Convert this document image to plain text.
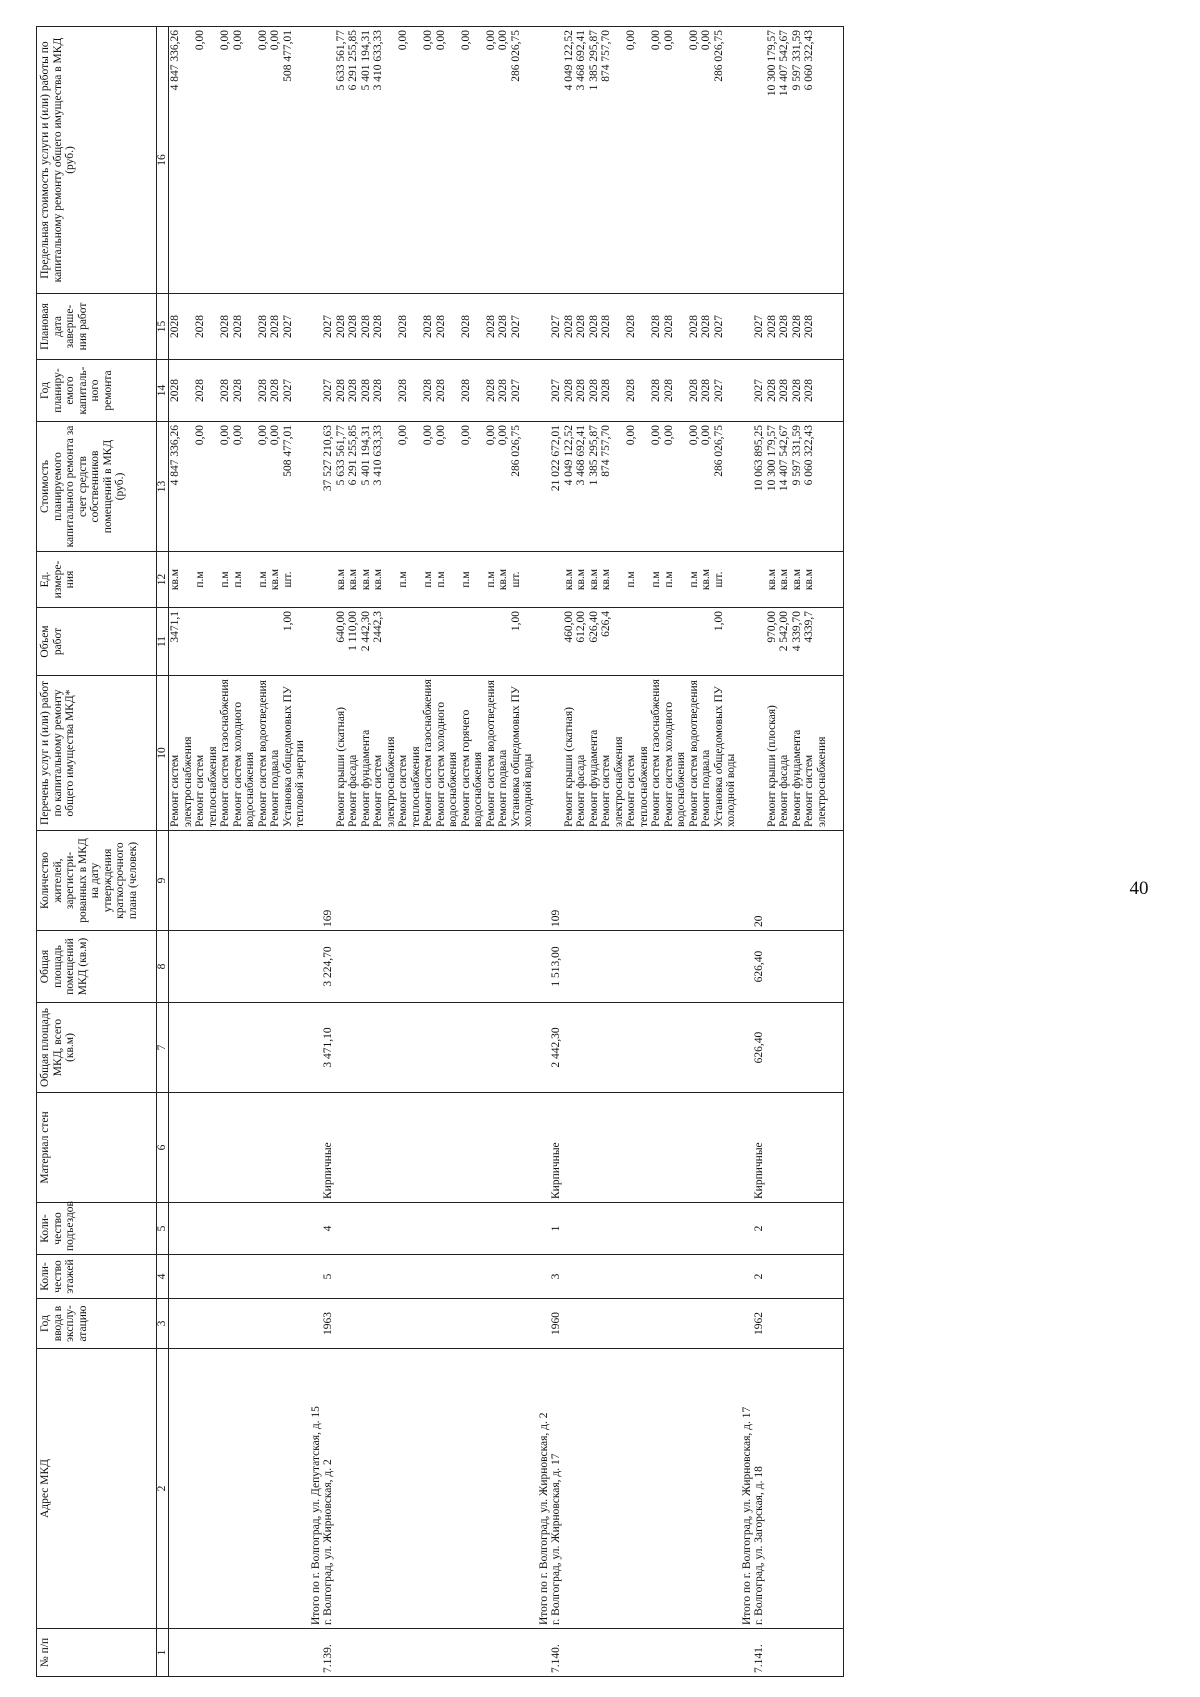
40
№ п/п	Адрес МКД	Год ввода в эксплу-атацию	Коли-чество этажей	Коли-чество подъездов	Материал стен	Общая площадь МКД, всего (кв.м)	Общая площадь помещений МКД (кв.м)	Количество жителей, зарегистри-рованных в МКД на дату утверждения краткосрочного плана (человек)	Перечень услуг и (или) работ по капитальному ремонту общего имущества МКД*	Объем работ	Ед. измере-ния	Стоимость планируемого капитального ремонта за счет средств собственников помещений в МКД (руб.)	Год планиру-емого капиталь-ного ремонта	Плановая дата заверше-ния работ	Предельная стоимость услуги и (или) работы по капитальному ремонту общего имущества в МКД (руб.)
1	2	3	4	5	6	7	8	9	10	11	12	13	14	15	16
									Ремонт систем электроснабжения	3471,1	кв.м	4 847 336,26	2028	2028	4 847 336,26
									Ремонт систем теплоснабжения		п.м	0,00	2028	2028	0,00
									Ремонт систем газоснабжения		п.м	0,00	2028	2028	0,00
									Ремонт систем холодного водоснабжения		п.м	0,00	2028	2028	0,00
									Ремонт систем водоотведения		п.м	0,00	2028	2028	0,00
									Ремонт подвала		кв.м	0,00	2028	2028	0,00
									Установка общедомовых ПУ тепловой энергии	1,00	шт.	508 477,01	2027	2027	508 477,01
	Итого по г. Волгоград, ул. Депутатская, д. 15														
7.139.	г. Волгоград, ул. Жирновская, д. 2	1963	5	4	Кирпичные	3 471,10	3 224,70	169				37 527 210,63	2027	2027	
									Ремонт крыши (скатная)	640,00	кв.м	5 633 561,77	2028	2028	5 633 561,77
									Ремонт фасада	1 110,00	кв.м	6 291 255,85	2028	2028	6 291 255,85
									Ремонт фундамента	2 442,30	кв.м	5 401 194,31	2028	2028	5 401 194,31
									Ремонт систем электроснабжения	2442,3	кв.м	3 410 633,33	2028	2028	3 410 633,33
									Ремонт систем теплоснабжения		п.м	0,00	2028	2028	0,00
									Ремонт систем газоснабжения		п.м	0,00	2028	2028	0,00
									Ремонт систем холодного водоснабжения		п.м	0,00	2028	2028	0,00
									Ремонт систем горячего водоснабжения		п.м	0,00	2028	2028	0,00
									Ремонт систем водоотведения		п.м	0,00	2028	2028	0,00
									Ремонт подвала		кв.м	0,00	2028	2028	0,00
									Установка общедомовых ПУ холодной воды	1,00	шт.	286 026,75	2027	2027	286 026,75
	Итого по г. Волгоград, ул. Жирновская, д. 2														
7.140.	г. Волгоград, ул. Жирновская, д. 17	1960	3	1	Кирпичные	2 442,30	1 513,00	109				21 022 672,01	2027	2027	
									Ремонт крыши (скатная)	460,00	кв.м	4 049 122,52	2028	2028	4 049 122,52
									Ремонт фасада	612,00	кв.м	3 468 692,41	2028	2028	3 468 692,41
									Ремонт фундамента	626,40	кв.м	1 385 295,87	2028	2028	1 385 295,87
									Ремонт систем электроснабжения	626,4	кв.м	874 757,70	2028	2028	874 757,70
									Ремонт систем теплоснабжения		п.м	0,00	2028	2028	0,00
									Ремонт систем газоснабжения		п.м	0,00	2028	2028	0,00
									Ремонт систем холодного водоснабжения		п.м	0,00	2028	2028	0,00
									Ремонт систем водоотведения		п.м	0,00	2028	2028	0,00
									Ремонт подвала		кв.м	0,00	2028	2028	0,00
									Установка общедомовых ПУ холодной воды	1,00	шт.	286 026,75	2027	2027	286 026,75
	Итого по г. Волгоград, ул. Жирновская, д. 17														
7.141.	г. Волгоград, ул. Загорская, д. 18	1962	2	2	Кирпичные	626,40	626,40	20				10 063 895,25	2027	2027	
									Ремонт крыши (плоская)	970,00	кв.м	10 300 179,57	2028	2028	10 300 179,57
									Ремонт фасада	2 542,00	кв.м	14 407 542,67	2028	2028	14 407 542,67
									Ремонт фундамента	4 339,70	кв.м	9 597 331,59	2028	2028	9 597 331,59
									Ремонт систем электроснабжения	4339,7	кв.м	6 060 322,43	2028	2028	6 060 322,43
